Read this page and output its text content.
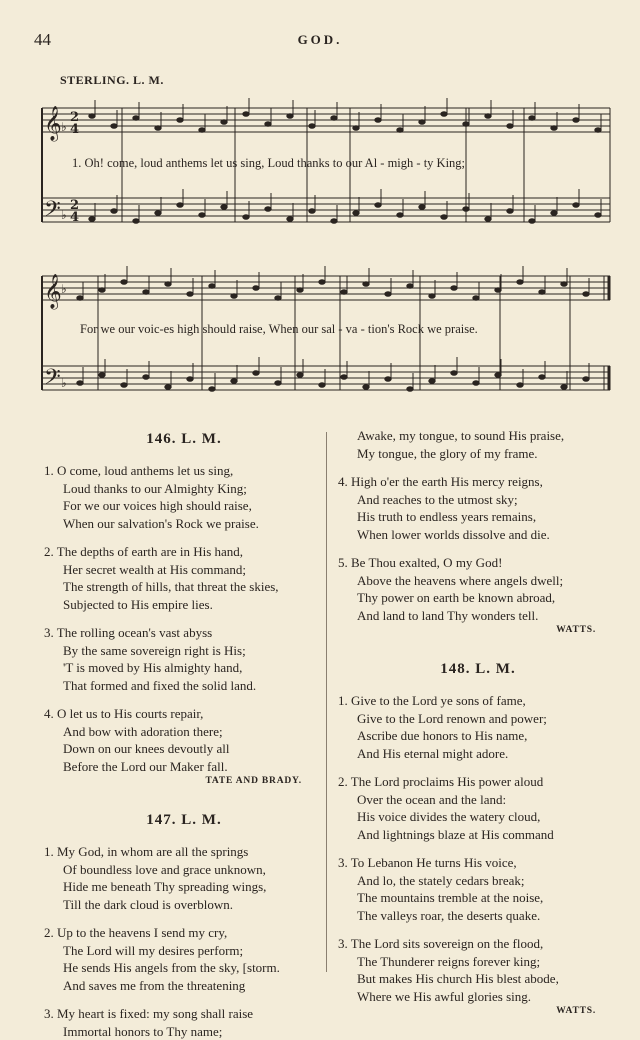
44	GOD.
STERLING. L. M.
𝄞
𝄞
𝄢
𝄢
2
4
2
4
♭
♭
♭
♭
1. Oh! come, loud anthems let us sing, Loud thanks to our Al - migh - ty King;
For we our voic-es high should raise, When our sal - va - tion's Rock we praise.

146. L. M.

1. O come, loud anthems let us sing,
Loud thanks to our Almighty King;
For we our voices high should raise,
When our salvation's Rock we praise.
2. The depths of earth are in His hand,
Her secret wealth at His command;
The strength of hills, that threat the skies,
Subjected to His empire lies.
3. The rolling ocean's vast abyss
By the same sovereign right is His;
'T is moved by His almighty hand,
That formed and fixed the solid land.
4. O let us to His courts repair,
And bow with adoration there;
Down on our knees devoutly all
Before the Lord our Maker fall.
TATE AND BRADY.

147. L. M.

1. My God, in whom are all the springs
Of boundless love and grace unknown,
Hide me beneath Thy spreading wings,
Till the dark cloud is overblown.
2. Up to the heavens I send my cry,
The Lord will my desires perform;
He sends His angels from the sky, [storm.
And saves me from the threatening
3. My heart is fixed: my song shall raise
Immortal honors to Thy name;
Awake, my tongue, to sound His praise,
My tongue, the glory of my frame.
4. High o'er the earth His mercy reigns,
And reaches to the utmost sky;
His truth to endless years remains,
When lower worlds dissolve and die.
5. Be Thou exalted, O my God!
Above the heavens where angels dwell;
Thy power on earth be known abroad,
And land to land Thy wonders tell.
WATTS.

148. L. M.

1. Give to the Lord ye sons of fame,
Give to the Lord renown and power;
Ascribe due honors to His name,
And His eternal might adore.
2. The Lord proclaims His power aloud
Over the ocean and the land:
His voice divides the watery cloud,
And lightnings blaze at His command
3. To Lebanon He turns His voice,
And lo, the stately cedars break;
The mountains tremble at the noise,
The valleys roar, the deserts quake.
3. The Lord sits sovereign on the flood,
The Thunderer reigns forever king;
But makes His church His blest abode,
Where we His awful glories sing.
WATTS.
